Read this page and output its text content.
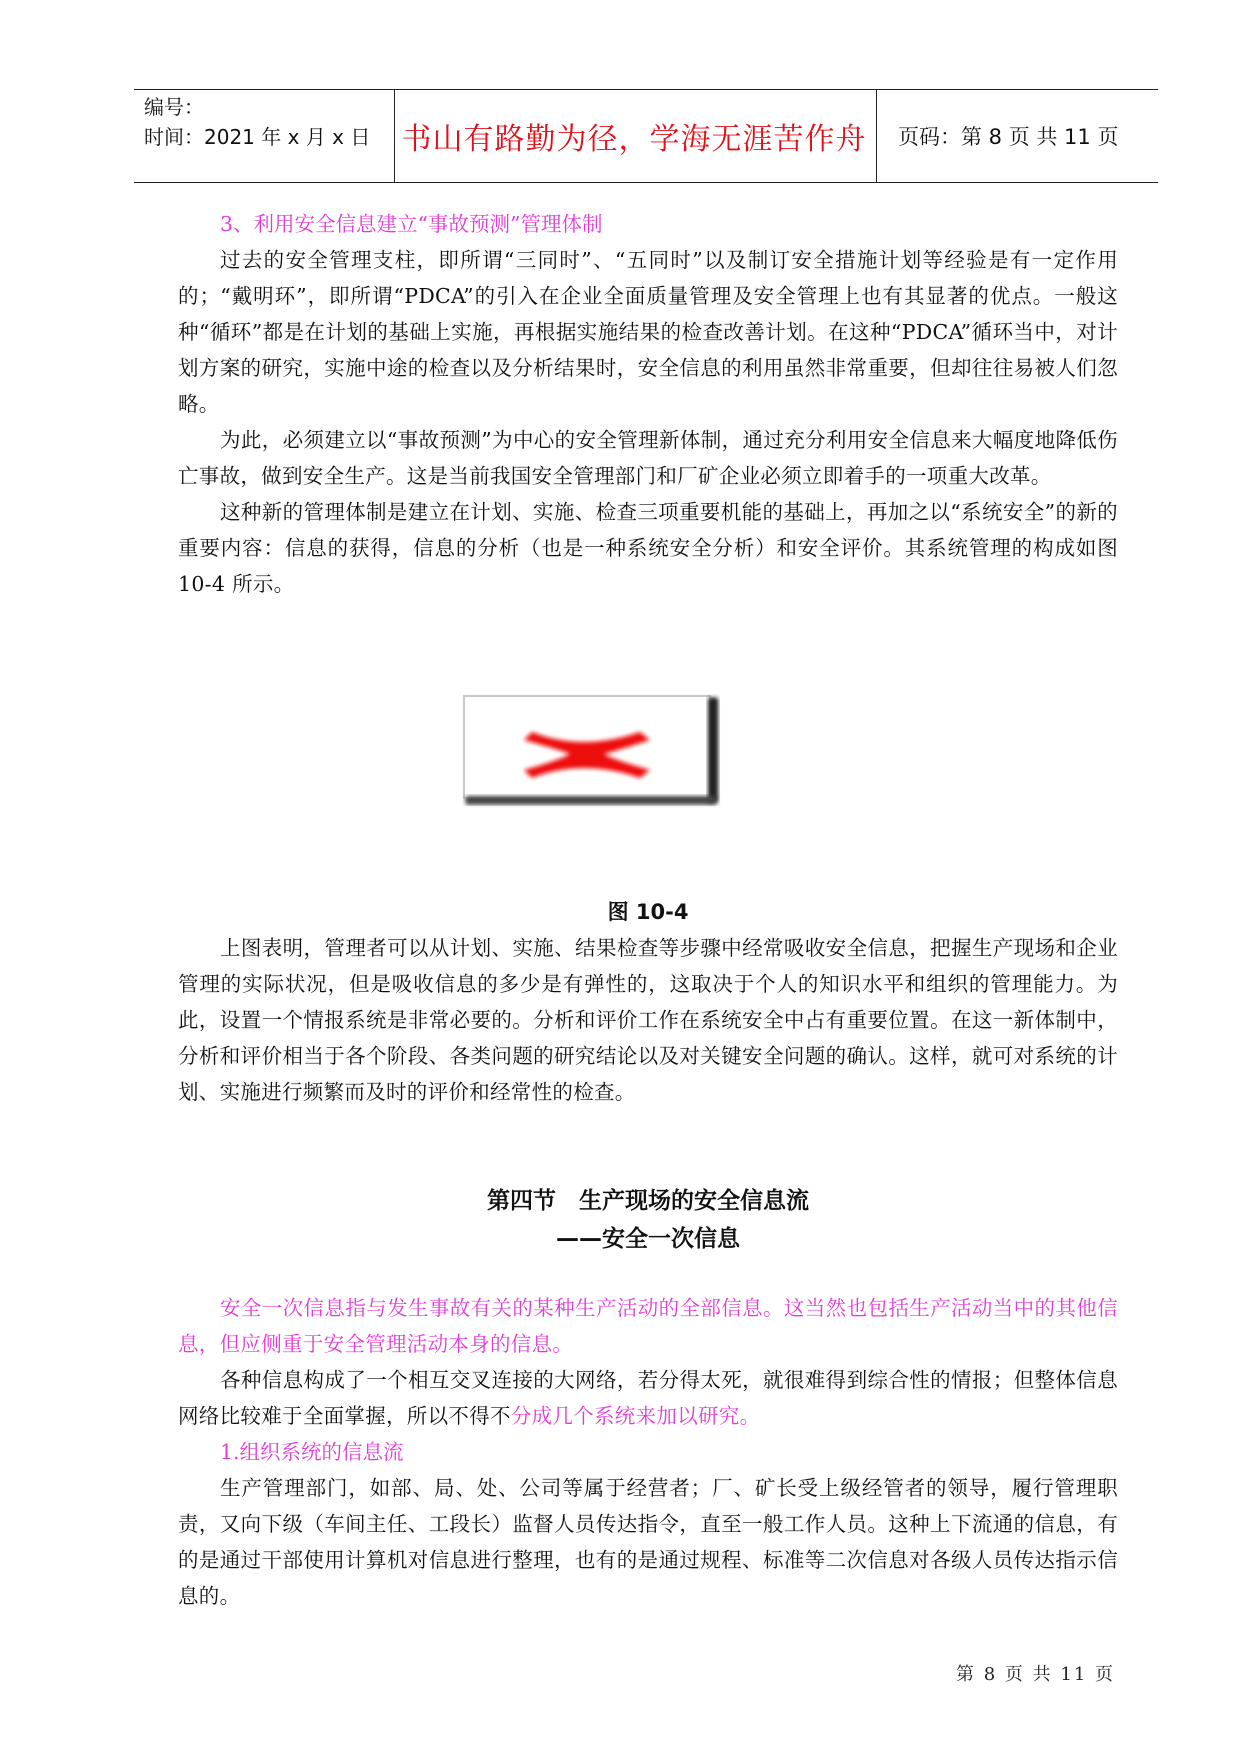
编号：
时间：2021 年 x 月 x 日	书山有路勤为径，学海无涯苦作舟	页码：第 8 页 共 11 页
3、利用安全信息建立“事故预测”管理体制

过去的安全管理支柱，即所谓“三同时”、“五同时”以及制订安全措施计划等经验是有一定作用的；“戴明环”，即所谓“PDCA”的引入在企业全面质量管理及安全管理上也有其显著的优点。一般这种“循环”都是在计划的基础上实施，再根据实施结果的检查改善计划。在这种“PDCA”循环当中，对计划方案的研究，实施中途的检查以及分析结果时，安全信息的利用虽然非常重要，但却往往易被人们忽略。

为此，必须建立以“事故预测”为中心的安全管理新体制，通过充分利用安全信息来大幅度地降低伤亡事故，做到安全生产。这是当前我国安全管理部门和厂矿企业必须立即着手的一项重大改革。

这种新的管理体制是建立在计划、实施、检查三项重要机能的基础上，再加之以“系统安全”的新的重要内容：信息的获得，信息的分析（也是一种系统安全分析）和安全评价。其系统管理的构成如图 10-4 所示。

图 10-4

上图表明，管理者可以从计划、实施、结果检查等步骤中经常吸收安全信息，把握生产现场和企业管理的实际状况，但是吸收信息的多少是有弹性的，这取决于个人的知识水平和组织的管理能力。为此，设置一个情报系统是非常必要的。分析和评价工作在系统安全中占有重要位置。在这一新体制中，分析和评价相当于各个阶段、各类问题的研究结论以及对关键安全问题的确认。这样，就可对系统的计划、实施进行频繁而及时的评价和经常性的检查。

第四节　生产现场的安全信息流
——安全一次信息

安全一次信息指与发生事故有关的某种生产活动的全部信息。这当然也包括生产活动当中的其他信息，但应侧重于安全管理活动本身的信息。

各种信息构成了一个相互交叉连接的大网络，若分得太死，就很难得到综合性的情报；但整体信息网络比较难于全面掌握，所以不得不分成几个系统来加以研究。

1.组织系统的信息流

生产管理部门，如部、局、处、公司等属于经营者；厂、矿长受上级经管者的领导，履行管理职责，又向下级（车间主任、工段长）监督人员传达指令，直至一般工作人员。这种上下流通的信息，有的是通过干部使用计算机对信息进行整理，也有的是通过规程、标准等二次信息对各级人员传达指示信息的。

第 8 页 共 11 页
